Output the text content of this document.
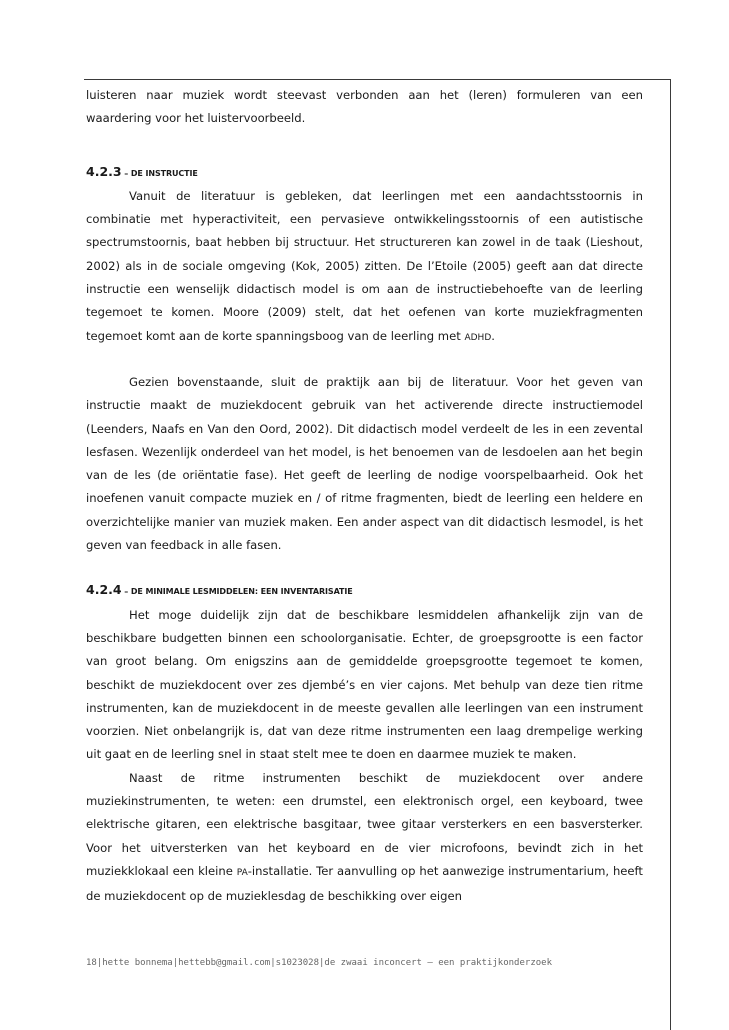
luisteren naar muziek wordt steevast verbonden aan het (leren) formuleren van een waardering voor het luistervoorbeeld.

4.2.3 – DE INSTRUCTIE

Vanuit de literatuur is gebleken, dat leerlingen met een aandachtsstoornis in combinatie met hyperactiviteit, een pervasieve ontwikkelingsstoornis of een autistische spectrumstoornis, baat hebben bij structuur. Het structureren kan zowel in de taak (Lieshout, 2002) als in de sociale omgeving (Kok, 2005) zitten. De l’Etoile (2005) geeft aan dat directe instructie een wenselijk didactisch model is om aan de instructiebehoefte van de leerling tegemoet te komen. Moore (2009) stelt, dat het oefenen van korte muziekfragmenten tegemoet komt aan de korte spanningsboog van de leerling met ADHD.

Gezien bovenstaande, sluit de praktijk aan bij de literatuur. Voor het geven van instructie maakt de muziekdocent gebruik van het activerende directe instructiemodel (Leenders, Naafs en Van den Oord, 2002). Dit didactisch model verdeelt de les in een zevental lesfasen. Wezenlijk onderdeel van het model, is het benoemen van de lesdoelen aan het begin van de les (de oriëntatie fase). Het geeft de leerling de nodige voorspelbaarheid. Ook het inoefenen vanuit compacte muziek en / of ritme fragmenten, biedt de leerling een heldere en overzichtelijke manier van muziek maken. Een ander aspect van dit didactisch lesmodel, is het geven van feedback in alle fasen.

4.2.4 – DE MINIMALE LESMIDDELEN: EEN INVENTARISATIE

Het moge duidelijk zijn dat de beschikbare lesmiddelen afhankelijk zijn van de beschikbare budgetten binnen een schoolorganisatie. Echter, de groepsgrootte is een factor van groot belang. Om enigszins aan de gemiddelde groepsgrootte tegemoet te komen, beschikt de muziekdocent over zes djembé’s en vier cajons. Met behulp van deze tien ritme instrumenten, kan de muziekdocent in de meeste gevallen alle leerlingen van een instrument voorzien. Niet onbelangrijk is, dat van deze ritme instrumenten een laag drempelige werking uit gaat en de leerling snel in staat stelt mee te doen en daarmee muziek te maken.

Naast de ritme instrumenten beschikt de muziekdocent over andere muziekinstrumenten, te weten: een drumstel, een elektronisch orgel, een keyboard, twee elektrische gitaren, een elektrische basgitaar, twee gitaar versterkers en een basversterker. Voor het uitversterken van het keyboard en de vier microfoons, bevindt zich in het muziekklokaal een kleine PA-installatie. Ter aanvulling op het aanwezige instrumentarium, heeft de muziekdocent op de muzieklesdag de beschikking over eigen

18|hette bonnema|hettebb@gmail.com|s1023028|de zwaai inconcert – een praktijkonderzoek
